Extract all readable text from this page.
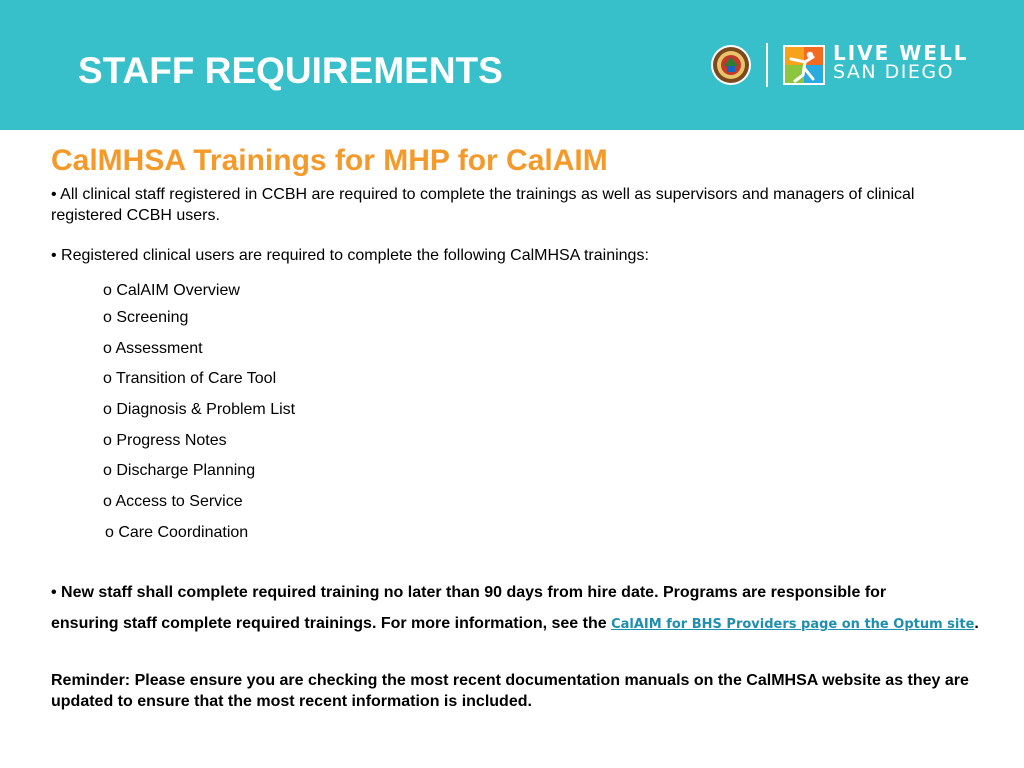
STAFF REQUIREMENTS	LIVE WELL
SAN DIEGO
CalMHSA Trainings for MHP for CalAIM

• All clinical staff registered in CCBH are required to complete the trainings as well as supervisors and managers of clinical registered CCBH users.

• Registered clinical users are required to complete the following CalMHSA trainings:

o CalAIM Overview
o Screening
o Assessment
o Transition of Care Tool
o Diagnosis & Problem List
o Progress Notes
o Discharge Planning
o Access to Service
o Care Coordination

• New staff shall complete required training no later than 90 days from hire date. Programs are responsible for

ensuring staff complete required trainings. For more information, see the CalAIM for BHS Providers page on the Optum site.

Reminder: Please ensure you are checking the most recent documentation manuals on the CalMHSA website as they are updated to ensure that the most recent information is included.
